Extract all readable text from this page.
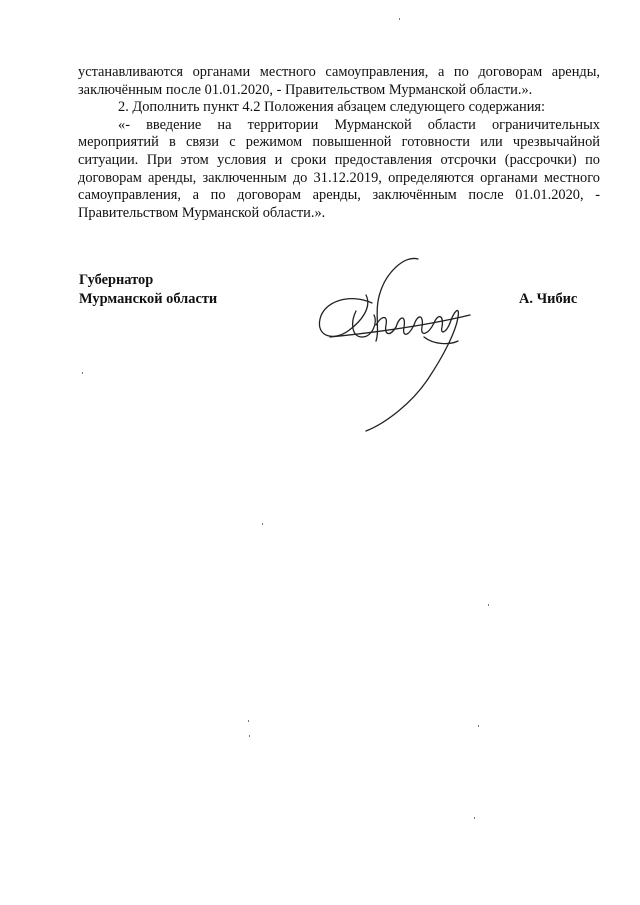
устанавливаются органами местного самоуправления, а по договорам аренды, заключённым после 01.01.2020, - Правительством Мурманской области.».

2. Дополнить пункт 4.2 Положения абзацем следующего содержания:

«- введение на территории Мурманской области ограничительных мероприятий в связи с режимом повышенной готовности или чрезвычайной ситуации. При этом условия и сроки предоставления отсрочки (рассрочки) по договорам аренды, заключенным до 31.12.2019, определяются органами местного самоуправления, а по договорам аренды, заключённым после 01.01.2020, - Правительством Мурманской области.».

Губернатор
Мурманской области	А. Чибис
